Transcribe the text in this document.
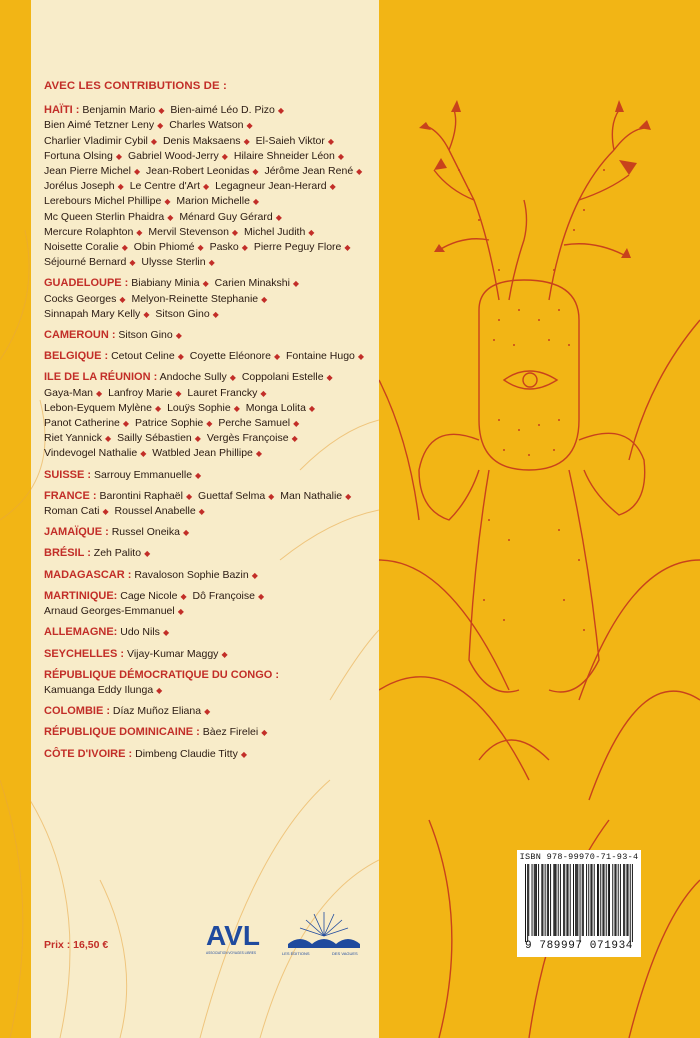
AVEC LES CONTRIBUTIONS DE :
HAÏTI : Benjamin Mario ◆ Bien-aimé Léo D. Pizo ◆ Bien Aimé Tetzner Leny ◆ Charles Watson ◆ Charlier Vladimir Cybil ◆ Denis Maksaens ◆ El-Saieh Viktor ◆ Fortuna Olsing ◆ Gabriel Wood-Jerry ◆ Hilaire Shneider Léon ◆ Jean Pierre Michel ◆ Jean-Robert Leonidas ◆ Jérôme Jean René ◆ Jorélus Joseph ◆ Le Centre d'Art ◆ Legagneur Jean-Herard ◆ Lerebours Michel Phillipe ◆ Marion Michelle ◆ Mc Queen Sterlin Phaidra ◆ Ménard Guy Gérard ◆ Mercure Rolaphton ◆ Mervil Stevenson ◆ Michel Judith ◆ Noisette Coralie ◆ Obin Phiomé ◆ Pasko ◆ Pierre Peguy Flore ◆ Séjourné Bernard ◆ Ulysse Sterlin ◆
GUADELOUPE : Biabiany Minia ◆ Carien Minakshi ◆ Cocks Georges ◆ Melyon-Reinette Stephanie ◆ Sinnapah Mary Kelly ◆ Sitson Gino ◆
CAMEROUN : Sitson Gino ◆
BELGIQUE : Cetout Celine ◆ Coyette Eléonore ◆ Fontaine Hugo ◆
ILE DE LA RÉUNION : Andoche Sully ◆ Coppolani Estelle ◆ Gaya-Man ◆ Lanfroy Marie ◆ Lauret Francky ◆ Lebon-Eyquem Mylène ◆ Louÿs Sophie ◆ Monga Lolita ◆ Panot Catherine ◆ Patrice Sophie ◆ Perche Samuel ◆ Riet Yannick ◆ Sailly Sébastien ◆ Vergès Françoise ◆ Vindevogel Nathalie ◆ Watbled Jean Phillipe ◆
SUISSE : Sarrouy Emmanuelle ◆
FRANCE : Barontini Raphaël ◆ Guettaf Selma ◆ Man Nathalie ◆ Roman Cati ◆ Roussel Anabelle ◆
JAMAÏQUE : Russel Oneika ◆
BRÉSIL : Zeh Palito ◆
MADAGASCAR : Ravaloson Sophie Bazin ◆
MARTINIQUE: Cage Nicole ◆ Dô Françoise ◆ Arnaud Georges-Emmanuel ◆
ALLEMAGNE: Udo Nils ◆
SEYCHELLES : Vijay-Kumar Maggy ◆
RÉPUBLIQUE DÉMOCRATIQUE DU CONGO : Kamuanga Eddy Ilunga ◆
COLOMBIE : Díaz Muñoz Eliana ◆
RÉPUBLIQUE DOMINICAINE : Bàez Firelei ◆
CÔTE D'IVOIRE : Dimbeng Claudie Titty ◆
Prix : 16,50 €	AVL
ASSOCIATION VOYAGES LIBRES	LES ÉDITIONS	DES VAGUES
ISBN 978-99970-71-93-4
9 789997 071934
